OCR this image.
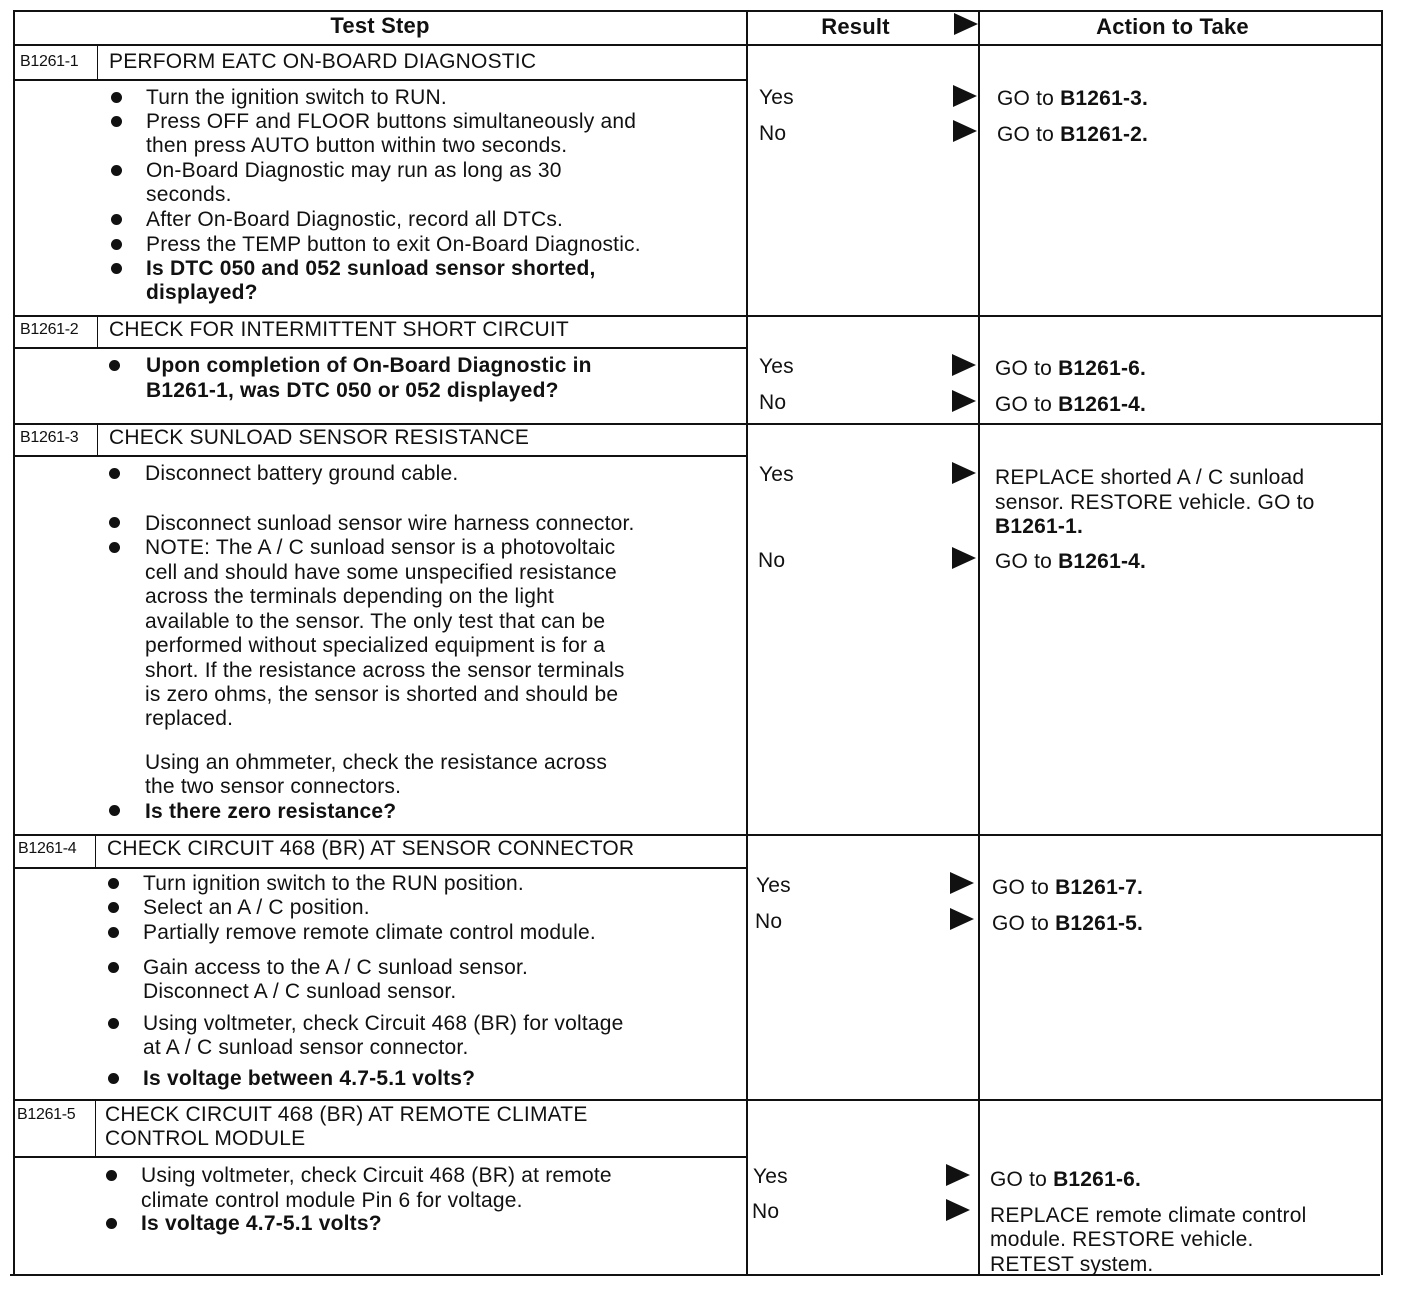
Test Step	Result	Action to Take
B1261-1 PERFORM EATC ON-BOARD DIAGNOSTIC
Turn the ignition switch to RUN.
Press OFF and FLOOR buttons simultaneously and
then press AUTO button within two seconds.
On-Board Diagnostic may run as long as 30
seconds.
After On-Board Diagnostic, record all DTCs.
Press the TEMP button to exit On-Board Diagnostic.
Is DTC 050 and 052 sunload sensor shorted,
displayed?
Yes
No
GO to B1261-3.
GO to B1261-2.
B1261-2 CHECK FOR INTERMITTENT SHORT CIRCUIT
Upon completion of On-Board Diagnostic in
B1261-1, was DTC 050 or 052 displayed?
Yes
No
GO to B1261-6.
GO to B1261-4.
B1261-3 CHECK SUNLOAD SENSOR RESISTANCE
Disconnect battery ground cable.
Disconnect sunload sensor wire harness connector.
NOTE: The A / C sunload sensor is a photovoltaic
cell and should have some unspecified resistance
across the terminals depending on the light
available to the sensor. The only test that can be
performed without specialized equipment is for a
short. If the resistance across the sensor terminals
is zero ohms, the sensor is shorted and should be
replaced.
Using an ohmmeter, check the resistance across
the two sensor connectors.
Is there zero resistance?
Yes
No
REPLACE shorted A / C sunload
sensor. RESTORE vehicle. GO to
B1261-1.
GO to B1261-4.
B1261-4 CHECK CIRCUIT 468 (BR) AT SENSOR CONNECTOR
Turn ignition switch to the RUN position.
Select an A / C position.
Partially remove remote climate control module.
Gain access to the A / C sunload sensor.
Disconnect A / C sunload sensor.
Using voltmeter, check Circuit 468 (BR) for voltage
at A / C sunload sensor connector.
Is voltage between 4.7-5.1 volts?
Yes
No
GO to B1261-7.
GO to B1261-5.
B1261-5 CHECK CIRCUIT 468 (BR) AT REMOTE CLIMATE
CONTROL MODULE
Using voltmeter, check Circuit 468 (BR) at remote
climate control module Pin 6 for voltage.
Is voltage 4.7-5.1 volts?
Yes
No
GO to B1261-6.
REPLACE remote climate control
module. RESTORE vehicle.
RETEST system.
